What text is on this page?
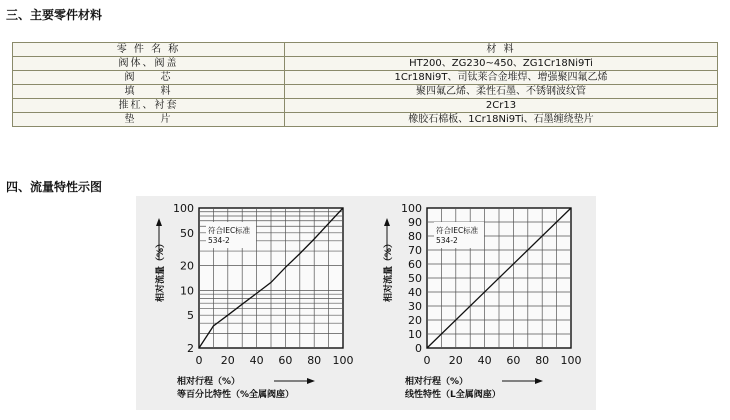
三、主要零件材料
零 件 名 称	材 料
阀体、阀盖	HT200、ZG230~450、ZG1Cr18Ni9Ti
阀　　芯	1Cr18Ni9T、司钛莱合金堆焊、增强聚四氟乙烯
填　　料	聚四氟乙烯、柔性石墨、不锈钢波纹管
推杠、衬套	2Cr13
垫　　片	橡胶石棉板、1Cr18Ni9Ti、石墨缠绕垫片
四、流量特性示图
符合IEC标准
534-2
2
5
10
20
50
100
0 20 40 60 80 100
相对流量（%）
相对行程（%）
等百分比特性（%全属阀座）
符合IEC标准
534-2
0
10
20
30
40
50
60
70
80
90
100
0 20 40 60 80 100
相对流量（%）
相对行程（%）
线性特性（L全属阀座）
